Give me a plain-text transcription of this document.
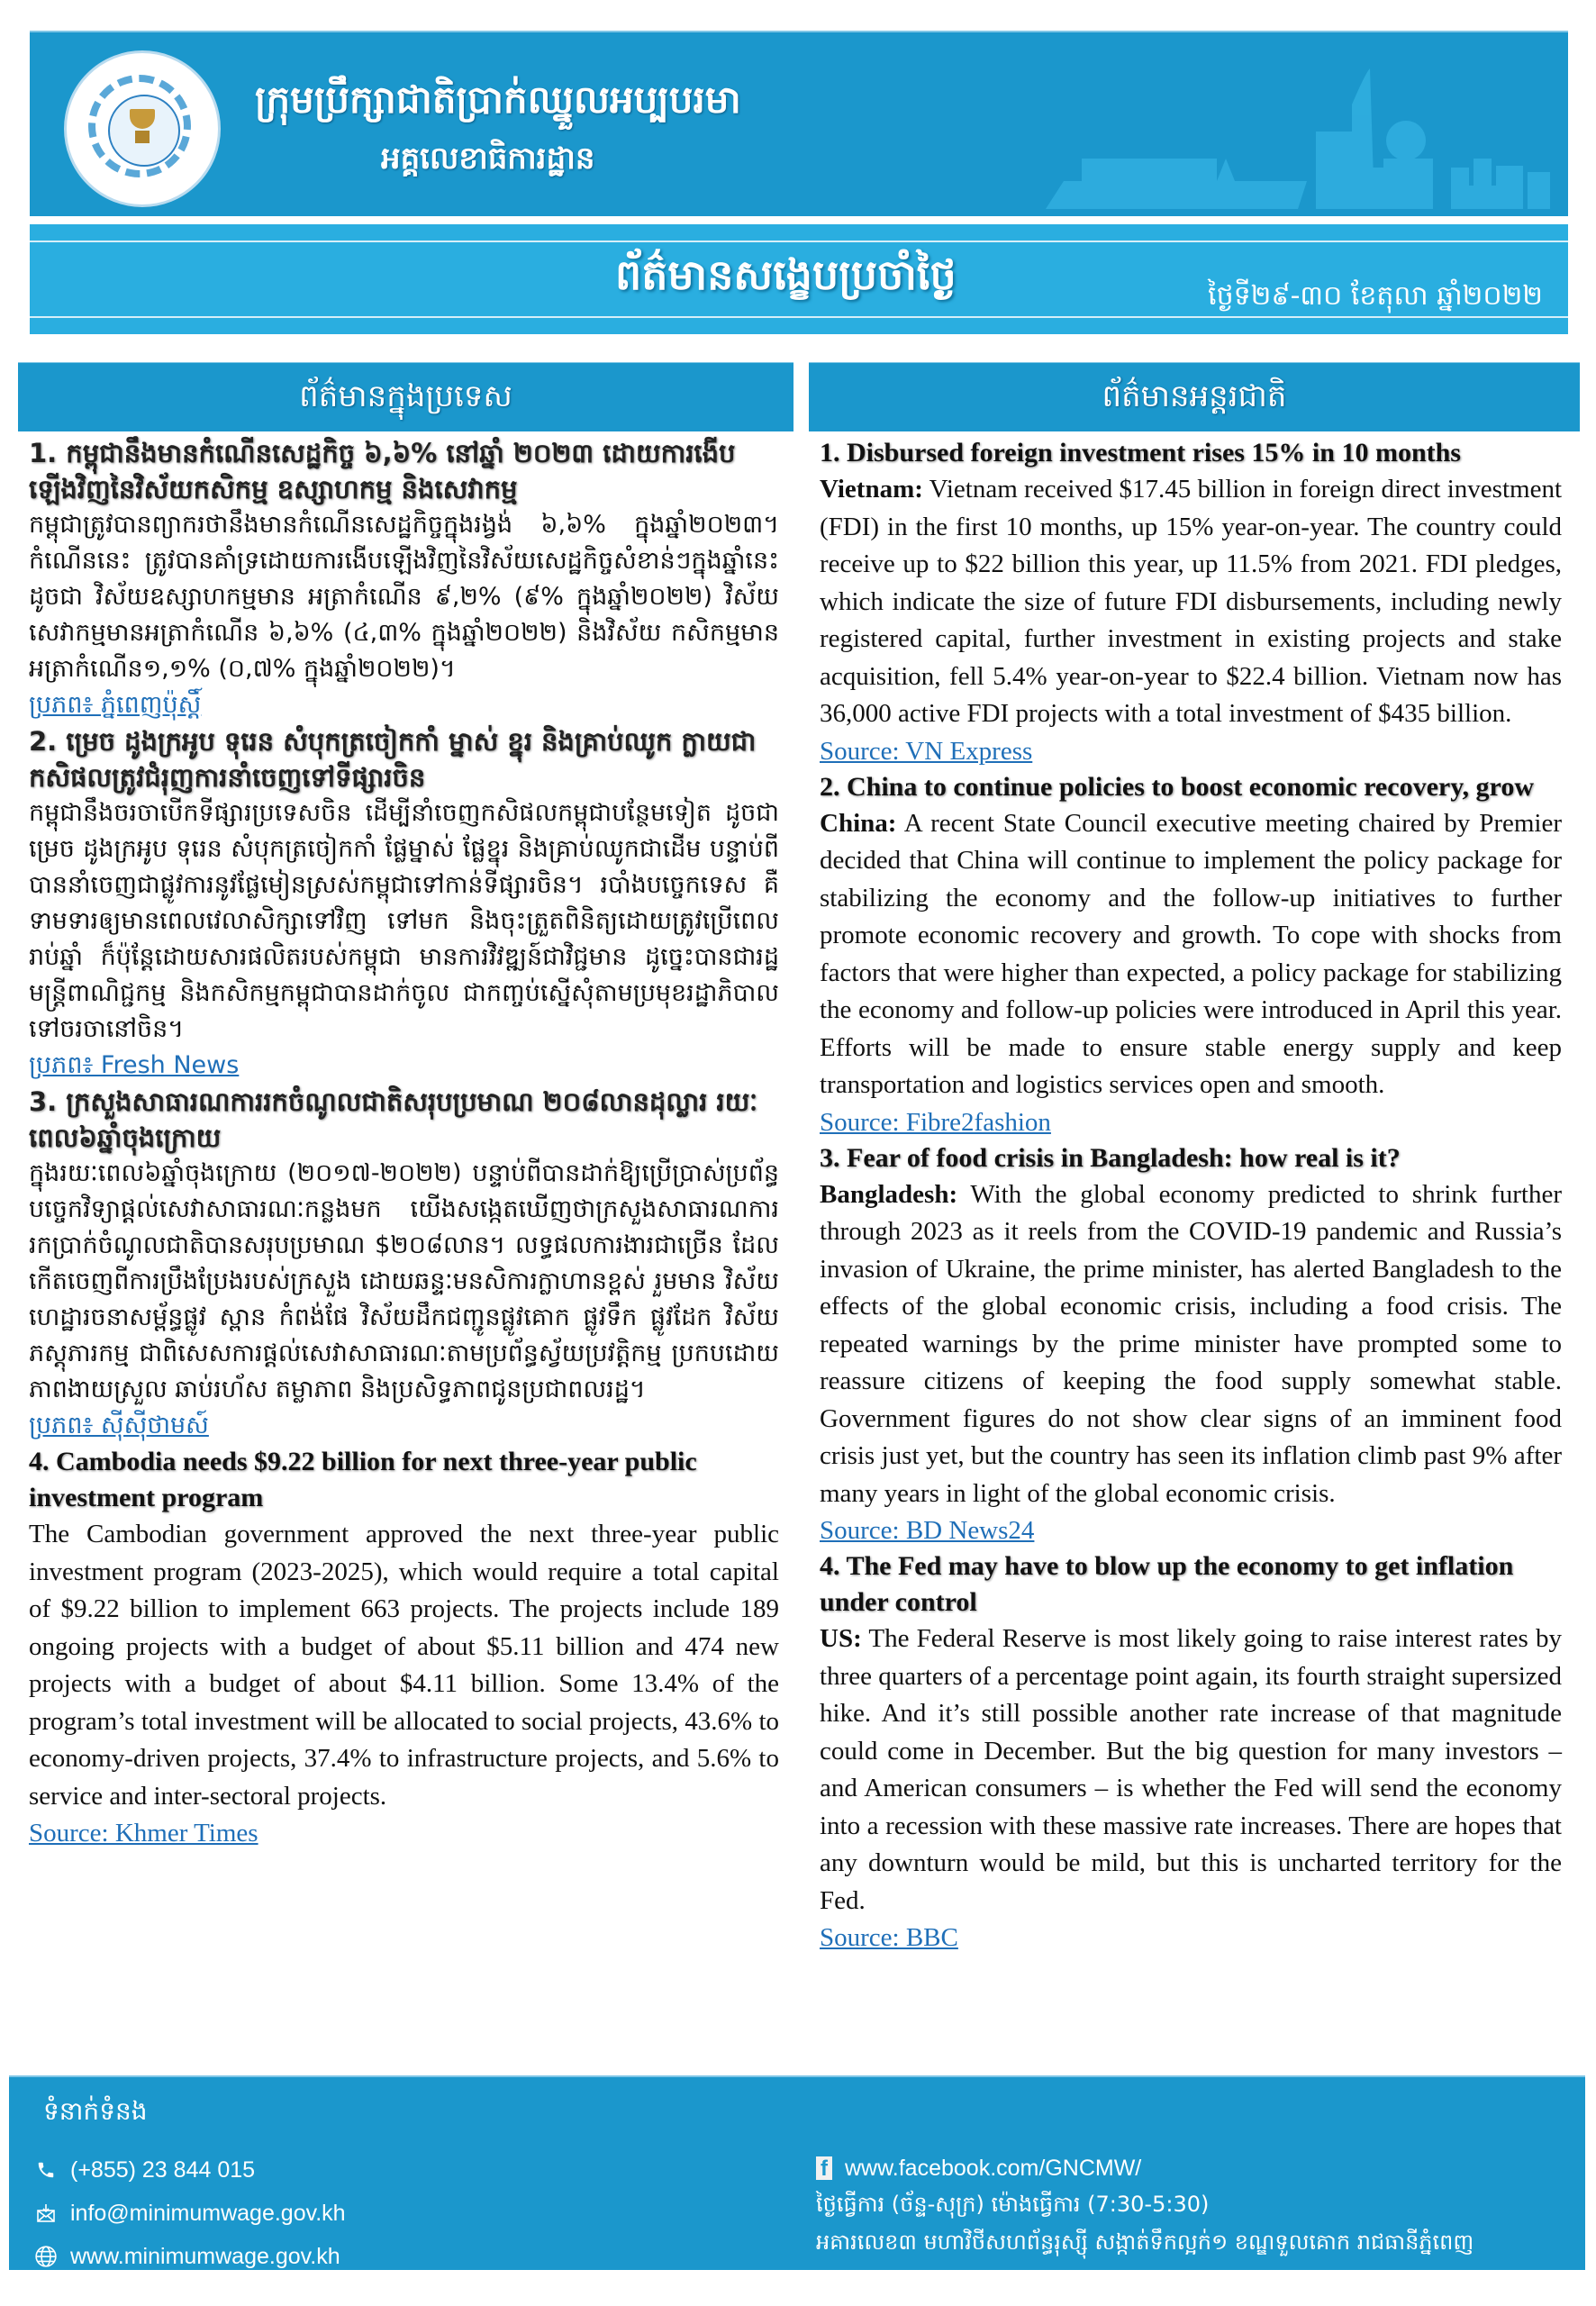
ក្រុមប្រឹក្សាជាតិប្រាក់ឈ្នួលអប្បបរមា
អគ្គលេខាធិការដ្ឋាន
ព័ត៌មានសង្ខេបប្រចាំថ្ងៃ	ថ្ងៃទី២៩-៣០ ខែតុលា ឆ្នាំ២០២២
ព័ត៌មានក្នុងប្រទេស

1. កម្ពុជានឹងមានកំណើនសេដ្ឋកិច្ច ៦,៦% នៅឆ្នាំ ២០២៣ ដោយការងើបឡើងវិញនៃវិស័យកសិកម្ម ឧស្សាហកម្ម និងសេវាកម្ម

កម្ពុជាត្រូវបានព្យាករថានឹងមានកំណើនសេដ្ឋកិច្ចក្នុងរង្វង់ ៦,៦% ក្នុងឆ្នាំ២០២៣។ កំណើននេះ ត្រូវបានគាំទ្រដោយការងើបឡើងវិញនៃវិស័យសេដ្ឋកិច្ចសំខាន់ៗក្នុងឆ្នាំនេះ ដូចជា វិស័យឧស្សាហកម្មមាន អត្រាកំណើន ៩,២% (៩% ក្នុងឆ្នាំ២០២២) វិស័យសេវាកម្មមានអត្រាកំណើន ៦,៦% (៤,៣% ក្នុងឆ្នាំ២០២២) និងវិស័យ កសិកម្មមានអត្រាកំណើន១,១% (០,៧% ក្នុងឆ្នាំ២០២២)។

ប្រភព៖ ភ្នំពេញប៉ុស្តិ៍

2. ម្រេច ដូងក្រអូប ទុរេន សំបុកត្រចៀកកាំ ម្នាស់ ខ្នុរ និងគ្រាប់ឈូក ក្លាយជាកសិផលត្រូវជំរុញការនាំចេញទៅទីផ្សារចិន

កម្ពុជានឹងចរចាបើកទីផ្សារប្រទេសចិន ដើម្បីនាំចេញកសិផលកម្ពុជាបន្ថែមទៀត ដូចជា ម្រេច ដូងក្រអូប ទុរេន សំបុកត្រចៀកកាំ ផ្លែម្នាស់ ផ្លែខ្នុរ និងគ្រាប់ឈូកជាដើម បន្ទាប់ពីបាននាំចេញជាផ្លូវការនូវផ្លែមៀនស្រស់កម្ពុជាទៅកាន់ទីផ្សារចិន។ របាំងបច្ចេកទេស គឺទាមទារឲ្យមានពេលវេលាសិក្សាទៅវិញ ទៅមក និងចុះត្រួតពិនិត្យដោយត្រូវប្រើពេលរាប់ឆ្នាំ ក៏ប៉ុន្តែដោយសារផលិតរបស់កម្ពុជា មានការវិវឌ្ឍន៍ជាវិជ្ជមាន ដូច្នេះបានជារដ្ឋមន្ត្រីពាណិជ្ជកម្ម និងកសិកម្មកម្ពុជាបានដាក់ចូល ជាកញ្ចប់ស្នើសុំតាមប្រមុខរដ្ឋាភិបាល ទៅចរចានៅចិន។

ប្រភព៖ Fresh News

3. ក្រសួងសាធារណការរកចំណូលជាតិសរុបប្រមាណ ២០៨លានដុល្លារ រយៈពេល៦ឆ្នាំចុងក្រោយ

ក្នុងរយៈពេល៦ឆ្នាំចុងក្រោយ (២០១៧-២០២២) បន្ទាប់ពីបានដាក់ឱ្យប្រើប្រាស់ប្រព័ន្ធបច្ចេកវិទ្យាផ្តល់សេវាសាធារណៈកន្លងមក យើងសង្កេតឃើញថាក្រសួងសាធារណការ រកប្រាក់ចំណូលជាតិបានសរុបប្រមាណ $២០៨លាន។ លទ្ធផលការងារជាច្រើន ដែលកើតចេញពីការប្រឹងប្រែងរបស់ក្រសួង ដោយឆន្ទៈមនសិការក្លាហានខ្ពស់ រួមមាន វិស័យហេដ្ឋារចនាសម្ព័ន្ធផ្លូវ ស្ពាន កំពង់ផែ វិស័យដឹកជញ្ជូនផ្លូវគោក ផ្លូវទឹក ផ្លូវដែក វិស័យភស្តុភារកម្ម ជាពិសេសការផ្តល់សេវាសាធារណៈតាមប្រព័ន្ធស្វ័យប្រវត្តិកម្ម ប្រកបដោយភាពងាយស្រួល ឆាប់រហ័ស តម្លាភាព និងប្រសិទ្ធភាពជូនប្រជាពលរដ្ឋ។

ប្រភព៖ ស៊ីស៊ីថាមស៍

4. Cambodia needs $9.22 billion for next three-year public investment program

The Cambodian government approved the next three-year public investment program (2023-2025), which would require a total capital of $9.22 billion to implement 663 projects. The projects include 189 ongoing projects with a budget of about $5.11 billion and 474 new projects with a budget of about $4.11 billion. Some 13.4% of the program’s total investment will be allocated to social projects, 43.6% to economy-driven projects, 37.4% to infrastructure projects, and 5.6% to service and inter-sectoral projects.

Source: Khmer Times
ព័ត៌មានអន្តរជាតិ

1. Disbursed foreign investment rises 15% in 10 months

Vietnam: Vietnam received $17.45 billion in foreign direct investment (FDI) in the first 10 months, up 15% year-on-year. The country could receive up to $22 billion this year, up 11.5% from 2021. FDI pledges, which indicate the size of future FDI disbursements, including newly registered capital, further investment in existing projects and stake acquisition, fell 5.4% year-on-year to $22.4 billion. Vietnam now has 36,000 active FDI projects with a total investment of $435 billion.

Source: VN Express

2. China to continue policies to boost economic recovery, grow

China: A recent State Council executive meeting chaired by Premier decided that China will continue to implement the policy package for stabilizing the economy and the follow-up initiatives to further promote economic recovery and growth. To cope with shocks from factors that were higher than expected, a policy package for stabilizing the economy and follow-up policies were introduced in April this year. Efforts will be made to ensure stable energy supply and keep transportation and logistics services open and smooth.

Source: Fibre2fashion

3. Fear of food crisis in Bangladesh: how real is it?

Bangladesh: With the global economy predicted to shrink further through 2023 as it reels from the COVID-19 pandemic and Russia’s invasion of Ukraine, the prime minister, has alerted Bangladesh to the effects of the global economic crisis, including a food crisis. The repeated warnings by the prime minister have prompted some to reassure citizens of keeping the food supply somewhat stable. Government figures do not show clear signs of an imminent food crisis just yet, but the country has seen its inflation climb past 9% after many years in light of the global economic crisis.

Source: BD News24

4. The Fed may have to blow up the economy to get inflation under control

US: The Federal Reserve is most likely going to raise interest rates by three quarters of a percentage point again, its fourth straight supersized hike. And it’s still possible another rate increase of that magnitude could come in December. But the big question for many investors – and American consumers – is whether the Fed will send the economy into a recession with these massive rate increases. There are hopes that any downturn would be mild, but this is uncharted territory for the Fed.

Source: BBC
ទំនាក់ទំនង
(+855) 23 844 015
info@minimumwage.gov.kh
www.minimumwage.gov.kh
f www.facebook.com/GNCMW/
ថ្ងៃធ្វើការ (ច័ន្ទ-សុក្រ) ម៉ោងធ្វើការ (7:30-5:30)
អគារលេខ៣ មហាវិថីសហព័ន្ធរុស្ស៊ី សង្កាត់ទឹកល្អក់១ ខណ្ឌទួលគោក រាជធានីភ្នំពេញ
